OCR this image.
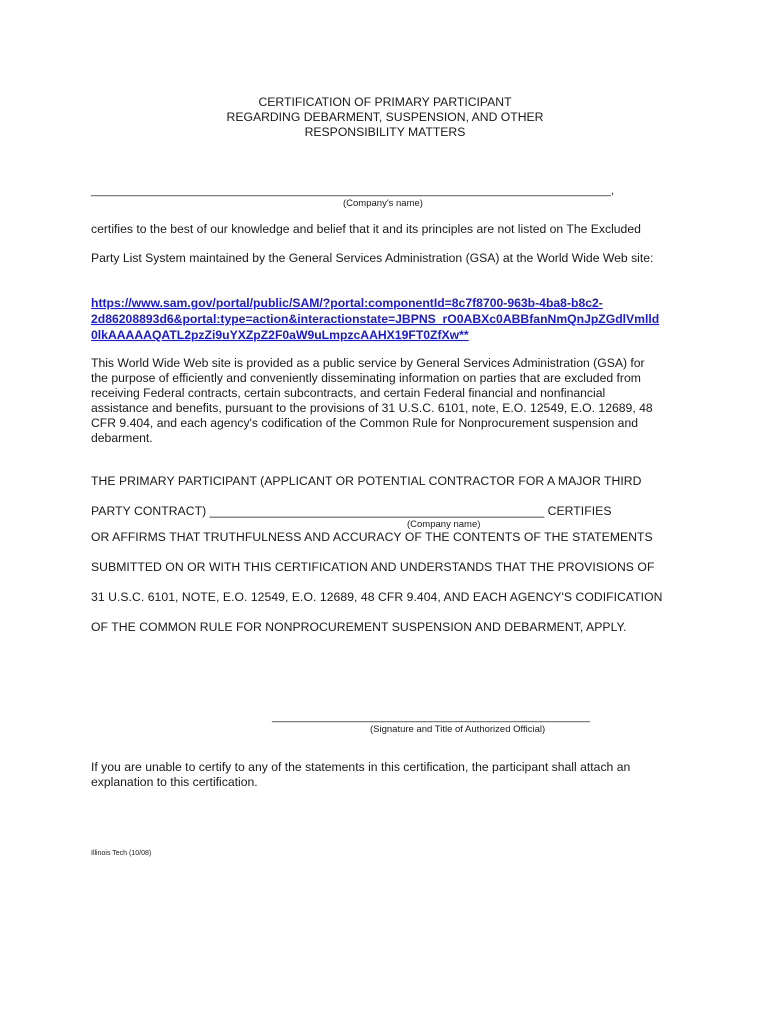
CERTIFICATION OF PRIMARY PARTICIPANT
REGARDING DEBARMENT, SUSPENSION, AND OTHER
RESPONSIBILITY MATTERS
_____________________________________________________________________________________,
(Company's name)
certifies to the best of our knowledge and belief that it and its principles are not listed on The Excluded
Party List System maintained by the General Services Administration (GSA) at the World Wide Web site:
https://www.sam.gov/portal/public/SAM/?portal:componentId=8c7f8700-963b-4ba8-b8c2-
2d86208893d6&portal:type=action&interactionstate=JBPNS_rO0ABXc0ABBfanNmQnJpZGdlVmlld
0lkAAAAAQATL2pzZi9uYXZpZ2F0aW9uLmpzcAAHX19FT0ZfXw**
This World Wide Web site is provided as a public service by General Services Administration (GSA) for
the purpose of efficiently and conveniently disseminating information on parties that are excluded from
receiving Federal contracts, certain subcontracts, and certain Federal financial and nonfinancial
assistance and benefits, pursuant to the provisions of 31 U.S.C. 6101, note, E.O. 12549, E.O. 12689, 48
CFR 9.404, and each agency's codification of the Common Rule for Nonprocurement suspension and
debarment.
THE PRIMARY PARTICIPANT (APPLICANT OR POTENTIAL CONTRACTOR FOR A MAJOR THIRD
PARTY CONTRACT) _________________________________________________ CERTIFIES
(Company name)
OR AFFIRMS THAT TRUTHFULNESS AND ACCURACY OF THE CONTENTS OF THE STATEMENTS
SUBMITTED ON OR WITH THIS CERTIFICATION AND UNDERSTANDS THAT THE PROVISIONS OF
31 U.S.C. 6101, NOTE, E.O. 12549, E.O. 12689, 48 CFR 9.404, AND EACH AGENCY'S CODIFICATION
OF THE COMMON RULE FOR NONPROCUREMENT SUSPENSION AND DEBARMENT, APPLY.
____________________________________________________
(Signature and Title of Authorized Official)
If you are unable to certify to any of the statements in this certification, the participant shall attach an
explanation to this certification.
Illinois Tech (10/08)
